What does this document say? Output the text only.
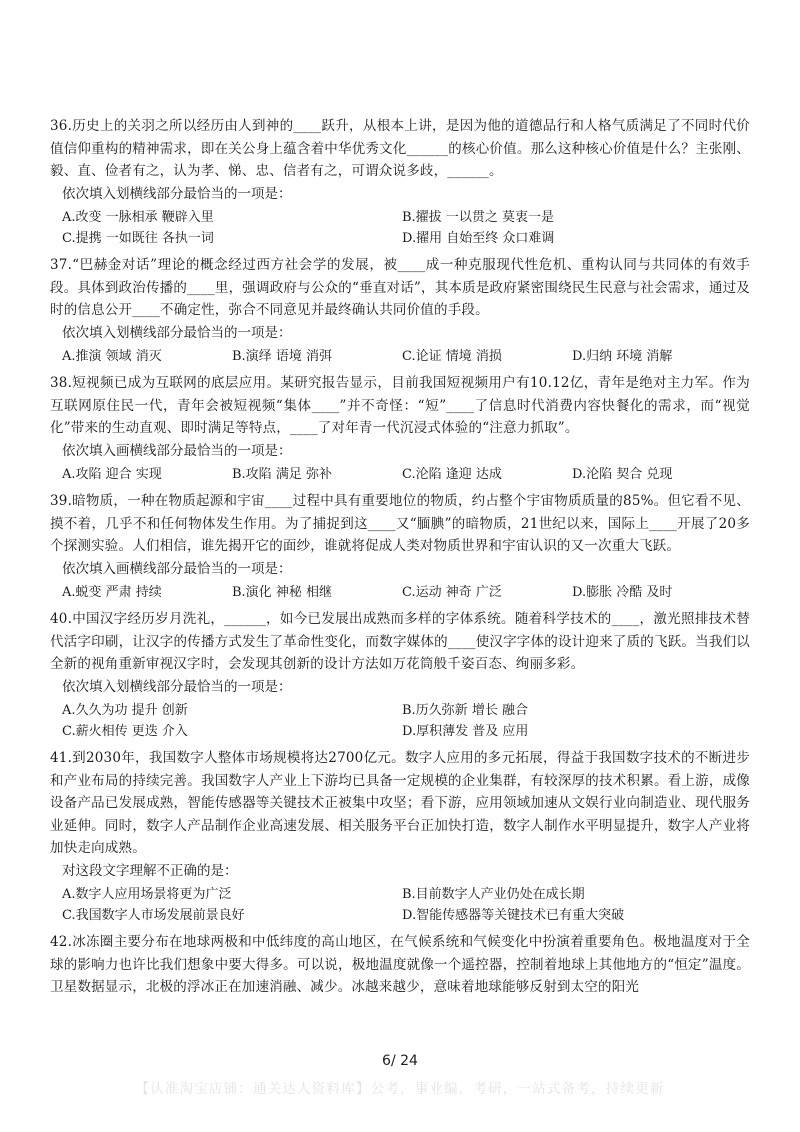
36.历史上的关羽之所以经历由人到神的____跃升，从根本上讲，是因为他的道德品行和人格气质满足了不同时代价值信仰重构的精神需求，即在关公身上蕴含着中华优秀文化______的核心价值。那么这种核心价值是什么？主张刚、毅、直、俭者有之，认为孝、悌、忠、信者有之，可谓众说多歧，______。

依次填入划横线部分最恰当的一项是：

A.改变 一脉相承 鞭辟入里	B.擢拔 一以贯之 莫衷一是
C.提携 一如既往 各执一词	D.擢用 自始至终 众口难调

37.“巴赫金对话”理论的概念经过西方社会学的发展，被____成一种克服现代性危机、重构认同与共同体的有效手段。具体到政治传播的____里，强调政府与公众的“垂直对话”，其本质是政府紧密围绕民生民意与社会需求，通过及时的信息公开____不确定性，弥合不同意见并最终确认共同价值的手段。

依次填入划横线部分最恰当的一项是：

A.推演 领域 消灭	B.演绎 语境 消弭	C.论证 情境 消损	D.归纳 环境 消解

38.短视频已成为互联网的底层应用。某研究报告显示，目前我国短视频用户有10.12亿，青年是绝对主力军。作为互联网原住民一代，青年会被短视频“集体____”并不奇怪：“短”____了信息时代消费内容快餐化的需求，而“视觉化”带来的生动直观、即时满足等特点，____了对年青一代沉浸式体验的“注意力抓取”。

依次填入画横线部分最恰当的一项是：

A.攻陷 迎合 实现	B.攻陷 满足 弥补	C.沦陷 逢迎 达成	D.沦陷 契合 兑现

39.暗物质，一种在物质起源和宇宙____过程中具有重要地位的物质，约占整个宇宙物质质量的85%。但它看不见、摸不着，几乎不和任何物体发生作用。为了捕捉到这____又“腼腆”的暗物质，21世纪以来，国际上____开展了20多个探测实验。人们相信，谁先揭开它的面纱，谁就将促成人类对物质世界和宇宙认识的又一次重大飞跃。

依次填入画横线部分最恰当的一项是：

A.蜕变 严肃 持续	B.演化 神秘 相继	C.运动 神奇 广泛	D.膨胀 冷酷 及时

40.中国汉字经历岁月洗礼，______，如今已发展出成熟而多样的字体系统。随着科学技术的____，激光照排技术替代活字印刷，让汉字的传播方式发生了革命性变化，而数字媒体的____使汉字字体的设计迎来了质的飞跃。当我们以全新的视角重新审视汉字时，会发现其创新的设计方法如万花筒般千姿百态、绚丽多彩。

依次填入划横线部分最恰当的一项是：

A.久久为功 提升 创新	B.历久弥新 增长 融合
C.薪火相传 更迭 介入	D.厚积薄发 普及 应用

41.到2030年，我国数字人整体市场规模将达2700亿元。数字人应用的多元拓展，得益于我国数字技术的不断进步和产业布局的持续完善。我国数字人产业上下游均已具备一定规模的企业集群，有较深厚的技术积累。看上游，成像设备产品已发展成熟，智能传感器等关键技术正被集中攻坚；看下游，应用领域加速从文娱行业向制造业、现代服务业延伸。同时，数字人产品制作企业高速发展、相关服务平台正加快打造，数字人制作水平明显提升，数字人产业将加快走向成熟。

对这段文字理解不正确的是：

A.数字人应用场景将更为广泛	B.目前数字人产业仍处在成长期
C.我国数字人市场发展前景良好	D.智能传感器等关键技术已有重大突破

42.冰冻圈主要分布在地球两极和中低纬度的高山地区，在气候系统和气候变化中扮演着重要角色。极地温度对于全球的影响力也许比我们想象中要大得多。可以说，极地温度就像一个遥控器，控制着地球上其他地方的“恒定”温度。卫星数据显示，北极的浮冰正在加速消融、减少。冰越来越少，意味着地球能够反射到太空的阳光

6/ 24
【认准淘宝店铺：通关达人资料库】公考，事业编，考研，一站式备考，持续更新
